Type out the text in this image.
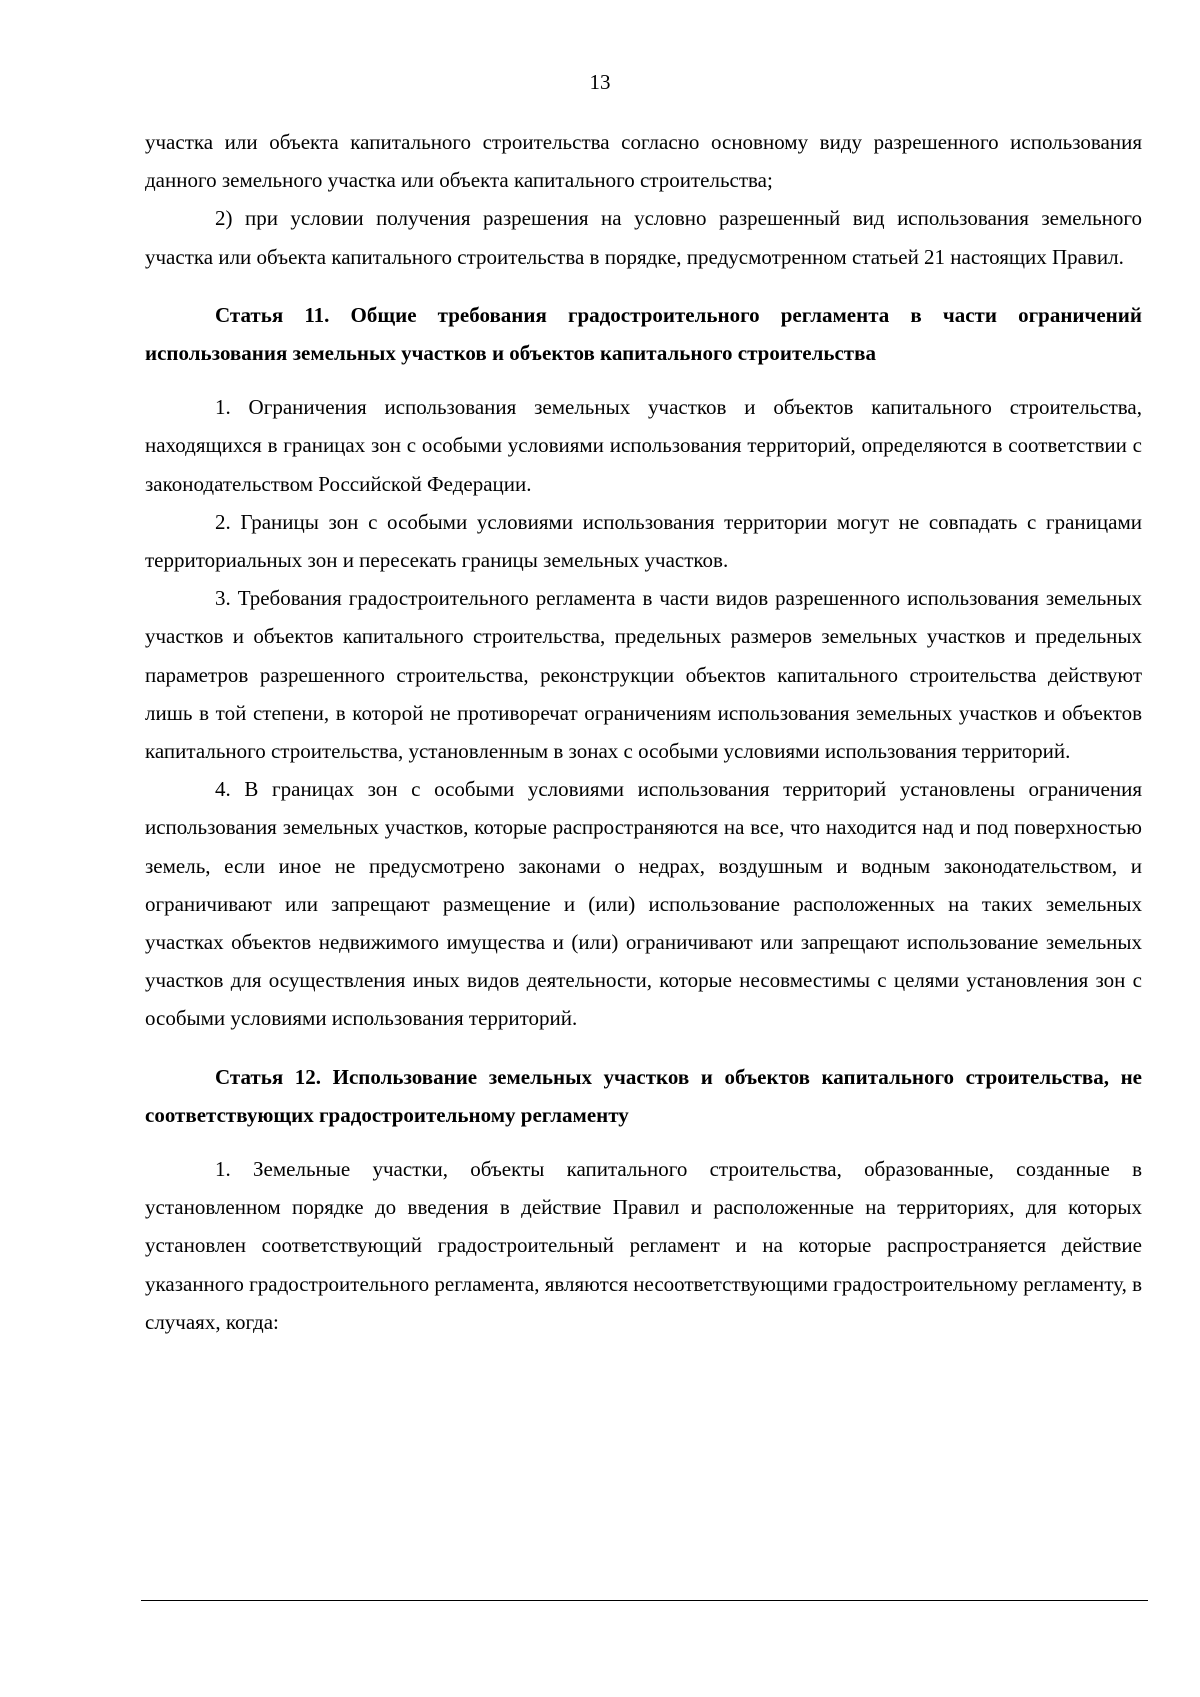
13

участка или объекта капитального строительства согласно основному виду разрешенного использования данного земельного участка или объекта капитального строительства;

2) при условии получения разрешения на условно разрешенный вид использования земельного участка или объекта капитального строительства в порядке, предусмотренном статьей 21 настоящих Правил.

Статья 11. Общие требования градостроительного регламента в части ограничений использования земельных участков и объектов капитального строительства

1. Ограничения использования земельных участков и объектов капитального строительства, находящихся в границах зон с особыми условиями использования территорий, определяются в соответствии с законодательством Российской Федерации.

2. Границы зон с особыми условиями использования территории могут не совпадать с границами территориальных зон и пересекать границы земельных участков.

3. Требования градостроительного регламента в части видов разрешенного использования земельных участков и объектов капитального строительства, предельных размеров земельных участков и предельных параметров разрешенного строительства, реконструкции объектов капитального строительства действуют лишь в той степени, в которой не противоречат ограничениям использования земельных участков и объектов капитального строительства, установленным в зонах с особыми условиями использования территорий.

4. В границах зон с особыми условиями использования территорий установлены ограничения использования земельных участков, которые распространяются на все, что находится над и под поверхностью земель, если иное не предусмотрено законами о недрах, воздушным и водным законодательством, и ограничивают или запрещают размещение и (или) использование расположенных на таких земельных участках объектов недвижимого имущества и (или) ограничивают или запрещают использование земельных участков для осуществления иных видов деятельности, которые несовместимы с целями установления зон с особыми условиями использования территорий.

Статья 12. Использование земельных участков и объектов капитального строительства, не соответствующих градостроительному регламенту

1. Земельные участки, объекты капитального строительства, образованные, созданные в установленном порядке до введения в действие Правил и расположенные на территориях, для которых установлен соответствующий градостроительный регламент и на которые распространяется действие указанного градостроительного регламента, являются несоответствующими градостроительному регламенту, в случаях, когда:
